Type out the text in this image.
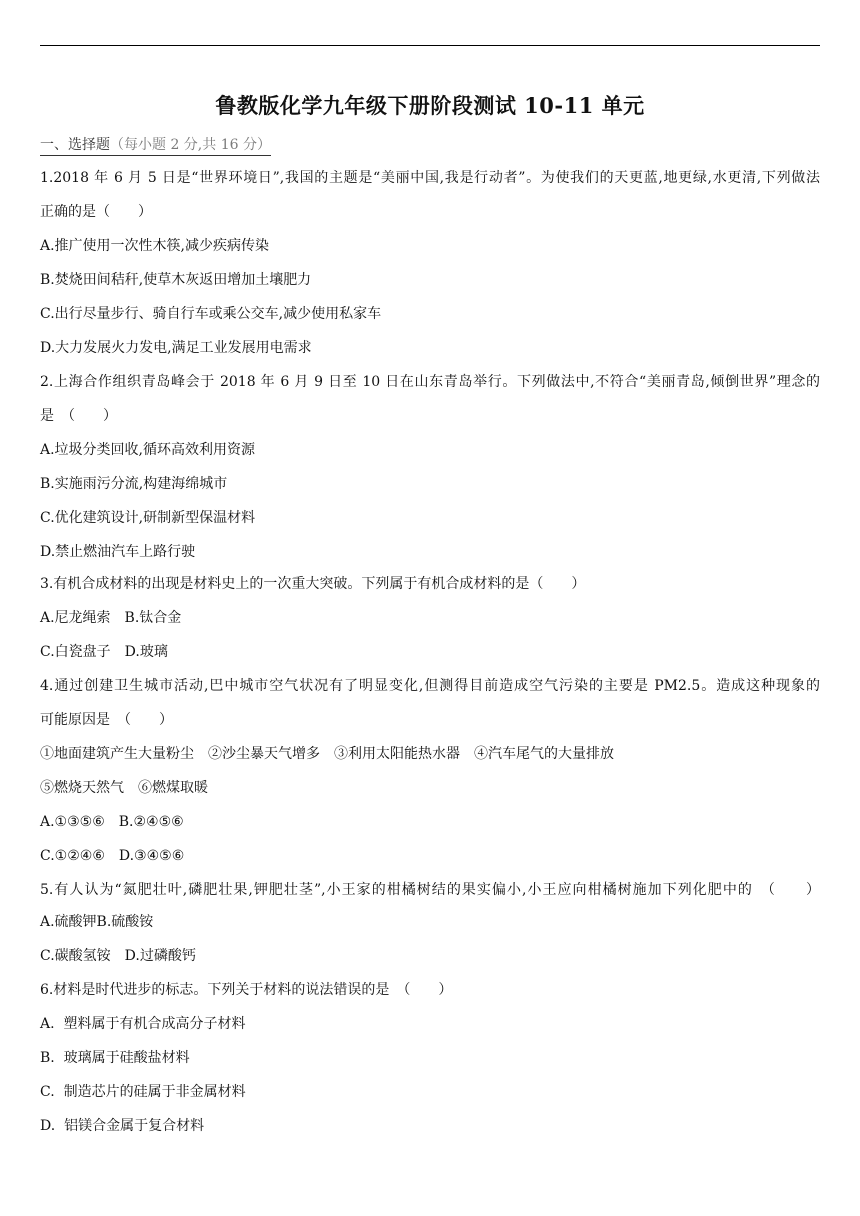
鲁教版化学九年级下册阶段测试 10-11 单元
一、选择题（每小题 2 分,共 16 分）
1.2018 年 6 月 5 日是“世界环境日”,我国的主题是“美丽中国,我是行动者”。为使我们的天更蓝,地更绿,水更清,下列做法
正确的是（　　）
A.推广使用一次性木筷,减少疾病传染
B.焚烧田间秸秆,使草木灰返田增加土壤肥力
C.出行尽量步行、骑自行车或乘公交车,减少使用私家车
D.大力发展火力发电,满足工业发展用电需求
2.上海合作组织青岛峰会于 2018 年 6 月 9 日至 10 日在山东青岛举行。下列做法中,不符合“美丽青岛,倾倒世界”理念的
是　（　　）
A.垃圾分类回收,循环高效利用资源
B.实施雨污分流,构建海绵城市
C.优化建筑设计,研制新型保温材料
D.禁止燃油汽车上路行驶
3.有机合成材料的出现是材料史上的一次重大突破。下列属于有机合成材料的是（　　）
A.尼龙绳索　B.钛合金
C.白瓷盘子　D.玻璃
4.通过创建卫生城市活动,巴中城市空气状况有了明显变化,但测得目前造成空气污染的主要是 PM2.5。造成这种现象的
可能原因是　（　　）
①地面建筑产生大量粉尘　②沙尘暴天气增多　③利用太阳能热水器　④汽车尾气的大量排放
⑤燃烧天然气　⑥燃煤取暖
A.①③⑤⑥　B.②④⑤⑥
C.①②④⑥　D.③④⑤⑥
5.有人认为“氮肥壮叶,磷肥壮果,钾肥壮茎”,小王家的柑橘树结的果实偏小,小王应向柑橘树施加下列化肥中的　（　　）
A.硫酸钾B.硫酸铵
C.碳酸氢铵　D.过磷酸钙
6.材料是时代进步的标志。下列关于材料的说法错误的是　（　　）
A.  塑料属于有机合成高分子材料
B.  玻璃属于硅酸盐材料
C.  制造芯片的硅属于非金属材料
D.  铝镁合金属于复合材料
